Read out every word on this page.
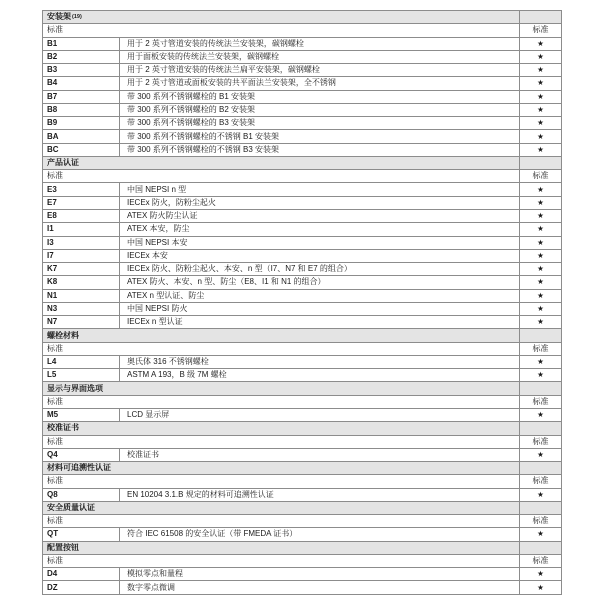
安装架 (19)
标准	标准
B1	用于 2 英寸管道安装的传统法兰安装架，碳钢螺栓	★
B2	用于面板安装的传统法兰安装架，碳钢螺栓	★
B3	用于 2 英寸管道安装的传统法兰扁平安装架，碳钢螺栓	★
B4	用于 2 英寸管道或面板安装的共平面法兰安装架，全不锈钢	★
B7	带 300 系列不锈钢螺栓的 B1 安装架	★
B8	带 300 系列不锈钢螺栓的 B2 安装架	★
B9	带 300 系列不锈钢螺栓的 B3 安装架	★
BA	带 300 系列不锈钢螺栓的不锈钢 B1 安装架	★
BC	带 300 系列不锈钢螺栓的不锈钢 B3 安装架	★
产品认证
标准	标准
E3	中国 NEPSI n 型	★
E7	IECEx 防火，防粉尘起火	★
E8	ATEX 防火防尘认证	★
I1	ATEX 本安，防尘	★
I3	中国 NEPSI 本安	★
I7	IECEx 本安	★
K7	IECEx 防火、防粉尘起火、本安、n 型（I7、N7 和 E7 的组合）	★
K8	ATEX 防火、本安、n 型、防尘（E8、I1 和 N1 的组合）	★
N1	ATEX n 型认证、防尘	★
N3	中国 NEPSI 防火	★
N7	IECEx n 型认证	★
螺栓材料
标准	标准
L4	奥氏体 316 不锈钢螺栓	★
L5	ASTM A 193，B 级 7M 螺栓	★
显示与界面选项
标准	标准
M5	LCD 显示屏	★
校准证书
标准	标准
Q4	校准证书	★
材料可追溯性认证
标准	标准
Q8	EN 10204 3.1.B 规定的材料可追溯性认证	★
安全质量认证
标准	标准
QT	符合 IEC 61508 的安全认证（带 FMEDA 证书）	★
配置按钮
标准	标准
D4	模拟零点和量程	★
DZ	数字零点微调	★
